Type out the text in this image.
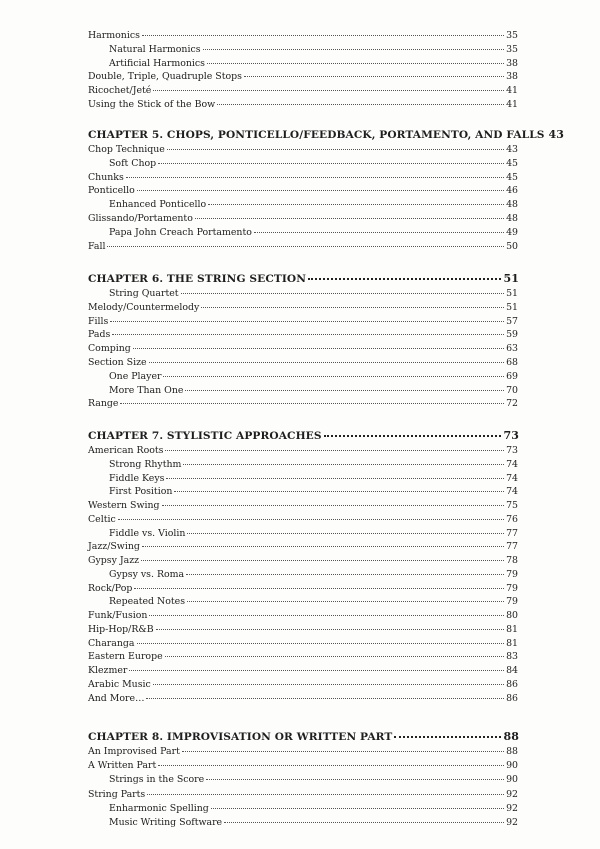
Harmonics	35
Natural Harmonics	35
Artificial Harmonics	38
Double, Triple, Quadruple Stops	38
Ricochet/Jeté	41
Using the Stick of the Bow	41
CHAPTER 5. CHOPS, PONTICELLO/FEEDBACK, PORTAMENTO, AND FALLS 43
Chop Technique	43
Soft Chop	45
Chunks	45
Ponticello	46
Enhanced Ponticello	48
Glissando/Portamento	48
Papa John Creach Portamento	49
Fall	50
CHAPTER 6. THE STRING SECTION	51
String Quartet	51
Melody/Countermelody	51
Fills	57
Pads	59
Comping	63
Section Size	68
One Player	69
More Than One	70
Range	72
CHAPTER 7. STYLISTIC APPROACHES	73
American Roots	73
Strong Rhythm	74
Fiddle Keys	74
First Position	74
Western Swing	75
Celtic	76
Fiddle vs. Violin	77
Jazz/Swing	77
Gypsy Jazz	78
Gypsy vs. Roma	79
Rock/Pop	79
Repeated Notes	79
Funk/Fusion	80
Hip-Hop/R&B	81
Charanga	81
Eastern Europe	83
Klezmer	84
Arabic Music	86
And More…	86
CHAPTER 8. IMPROVISATION OR WRITTEN PART	88
An Improvised Part	88
A Written Part	90
Strings in the Score	90
String Parts	92
Enharmonic Spelling	92
Music Writing Software	92
